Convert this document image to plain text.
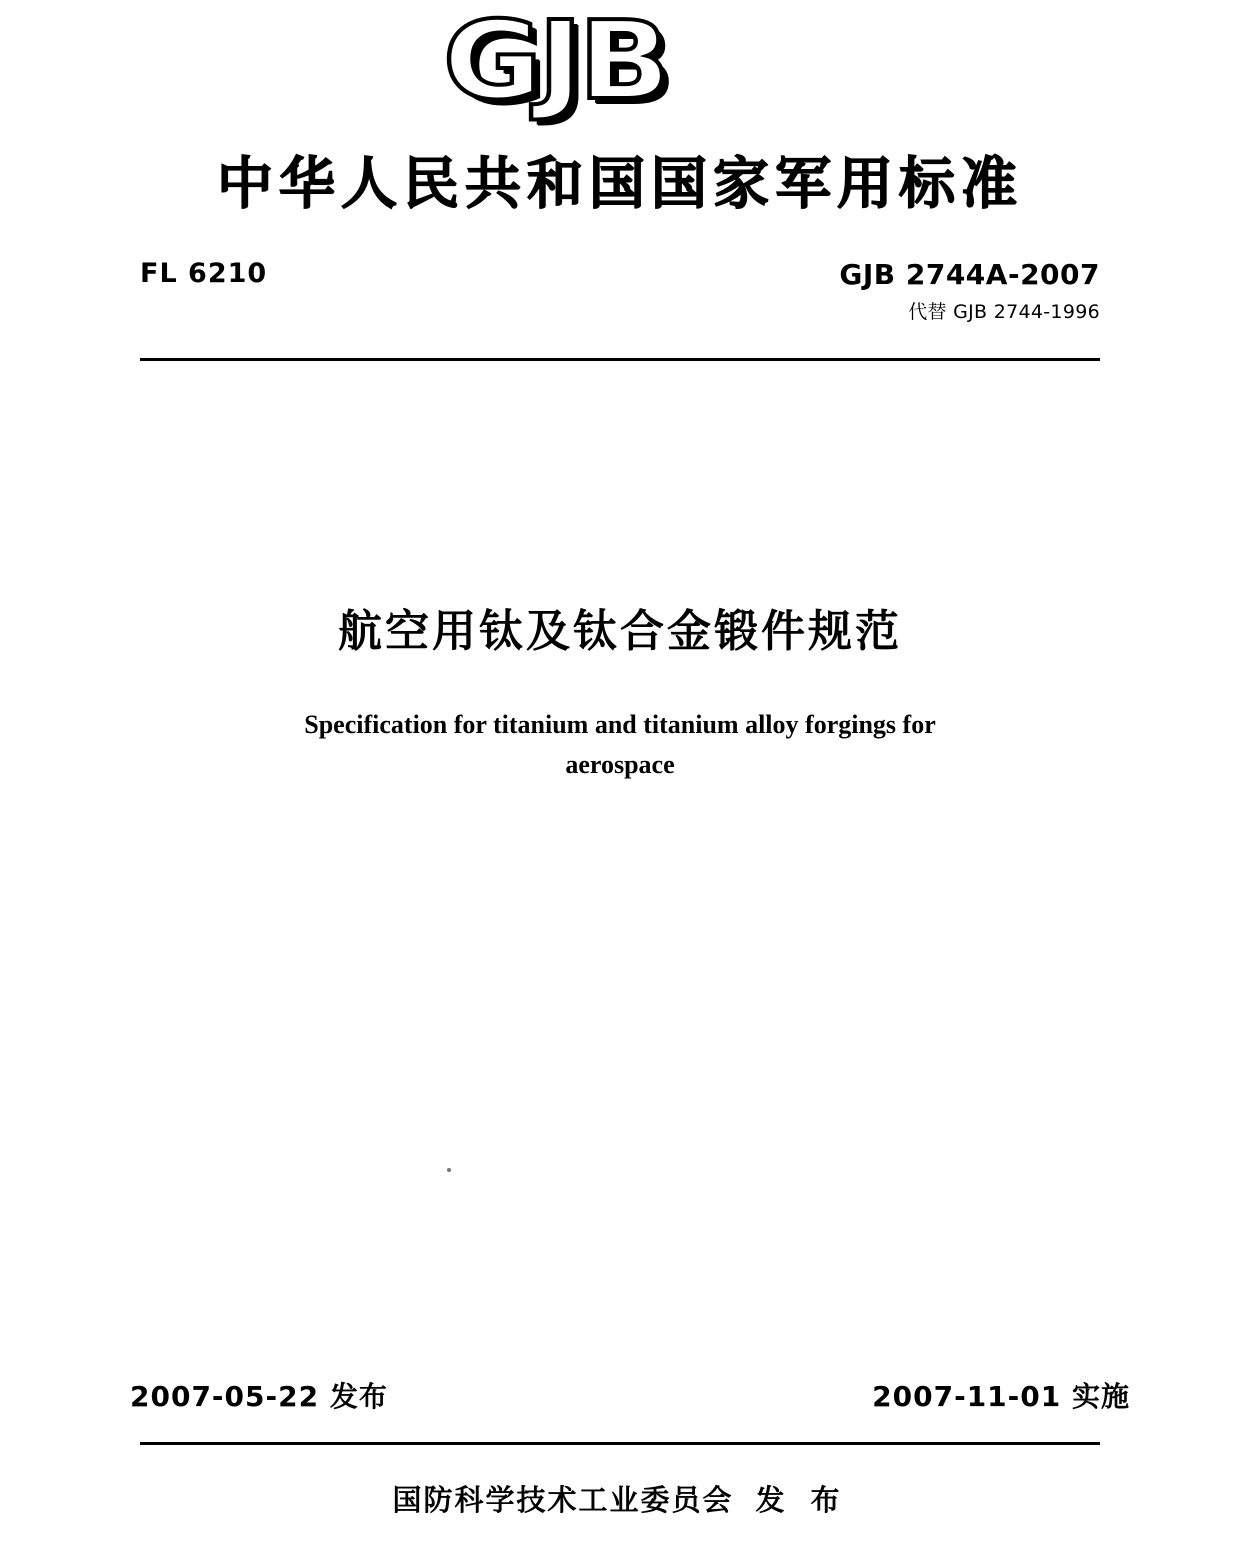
GJB
中华人民共和国国家军用标准
FL 6210	GJB 2744A-2007
代替 GJB 2744-1996
航空用钛及钛合金锻件规范
Specification for titanium and titanium alloy forgings for aerospace
2007-05-22 发布	2007-11-01 实施
国防科学技术工业委员会 发 布
